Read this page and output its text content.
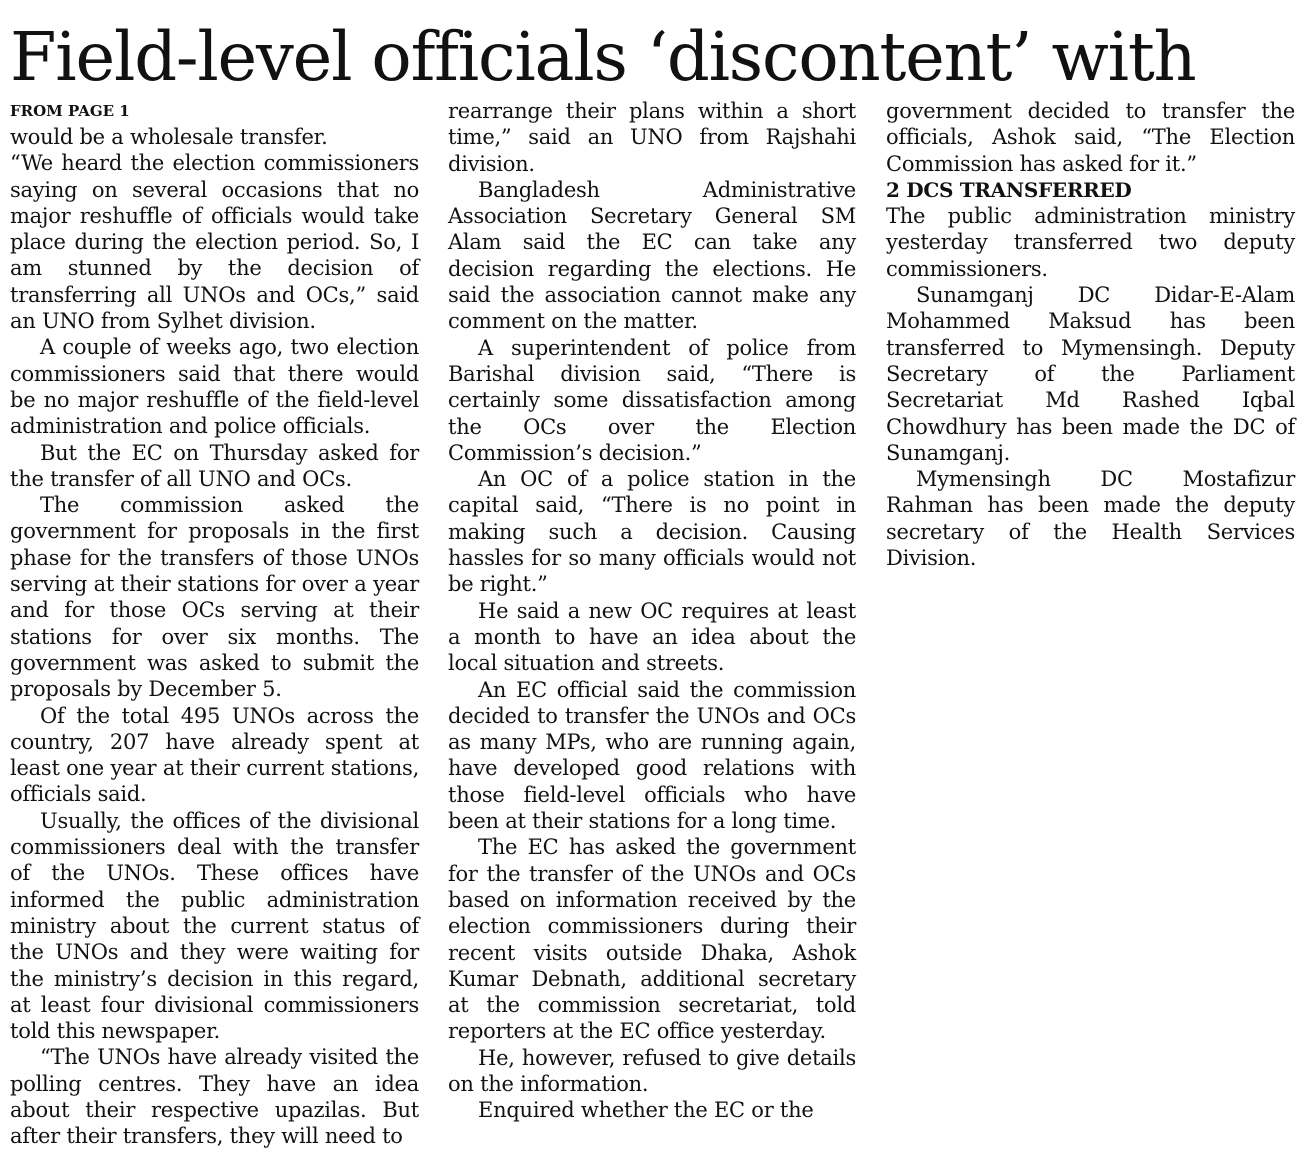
Field-level officials ‘discontent’ with
FROM PAGE 1

would be a wholesale transfer.

“We heard the election commissioners saying on several occasions that no major reshuffle of officials would take place during the election period. So, I am stunned by the decision of transferring all UNOs and OCs,” said an UNO from Sylhet division.

A couple of weeks ago, two election commissioners said that there would be no major reshuffle of the field-level administration and police officials.

But the EC on Thursday asked for the transfer of all UNO and OCs.

The commission asked the government for proposals in the first phase for the transfers of those UNOs serving at their stations for over a year and for those OCs serving at their stations for over six months. The government was asked to submit the proposals by December 5.

Of the total 495 UNOs across the country, 207 have already spent at least one year at their current stations, officials said.

Usually, the offices of the divisional commissioners deal with the transfer of the UNOs. These offices have informed the public administration ministry about the current status of the UNOs and they were waiting for the ministry’s decision in this regard, at least four divisional commissioners told this newspaper.

“The UNOs have already visited the polling centres. They have an idea about their respective upazilas. But after their transfers, they will need to

rearrange their plans within a short time,” said an UNO from Rajshahi division.

Bangladesh Administrative Association Secretary General SM Alam said the EC can take any decision regarding the elections. He said the association cannot make any comment on the matter.

A superintendent of police from Barishal division said, “There is certainly some dissatisfaction among the OCs over the Election Commission’s decision.”

An OC of a police station in the capital said, “There is no point in making such a decision. Causing hassles for so many officials would not be right.”

He said a new OC requires at least a month to have an idea about the local situation and streets.

An EC official said the commission decided to transfer the UNOs and OCs as many MPs, who are running again, have developed good relations with those field-level officials who have been at their stations for a long time.

The EC has asked the government for the transfer of the UNOs and OCs based on information received by the election commissioners during their recent visits outside Dhaka, Ashok Kumar Debnath, additional secretary at the commission secretariat, told reporters at the EC office yesterday.

He, however, refused to give details on the information.

Enquired whether the EC or the

government decided to transfer the officials, Ashok said, “The Election Commission has asked for it.”

2 DCS TRANSFERRED

The public administration ministry yesterday transferred two deputy commissioners.

Sunamganj DC Didar-E-Alam Mohammed Maksud has been transferred to Mymensingh. Deputy Secretary of the Parliament Secretariat Md Rashed Iqbal Chowdhury has been made the DC of Sunamganj.

Mymensingh DC Mostafizur Rahman has been made the deputy secretary of the Health Services Division.
